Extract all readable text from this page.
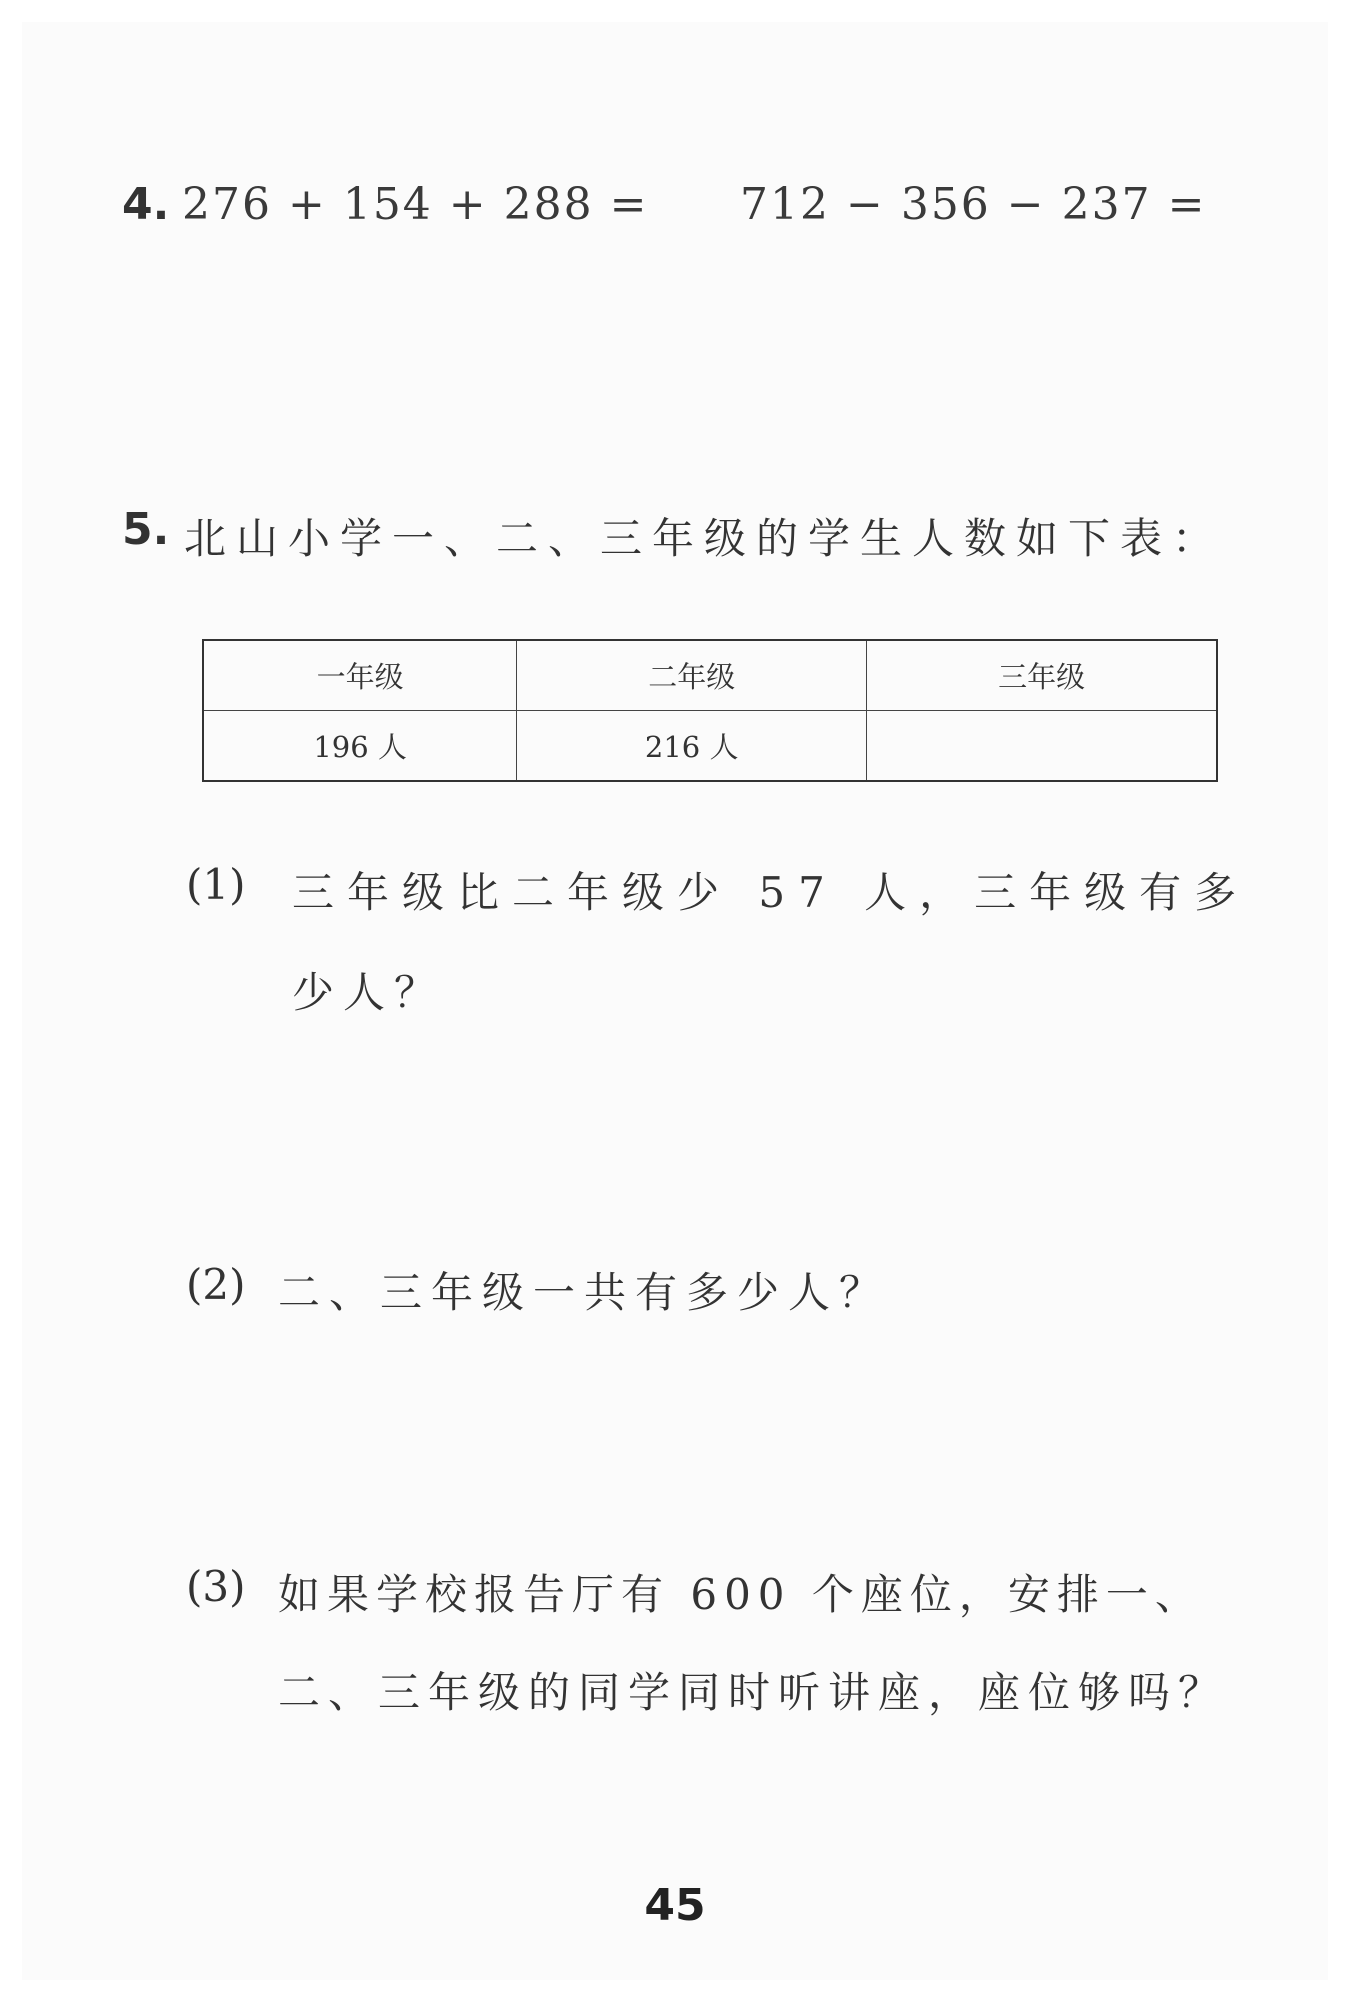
4. 276 + 154 + 288 = 712 − 356 − 237 =
5. 北山小学一、二、三年级的学生人数如下表：
一年级	二年级	三年级
196 人	216 人	
(1) 三年级比二年级少 57 人，三年级有多
少人？
(2) 二、三年级一共有多少人？
(3) 如果学校报告厅有 600 个座位，安排一、
二、三年级的同学同时听讲座，座位够吗？
45
